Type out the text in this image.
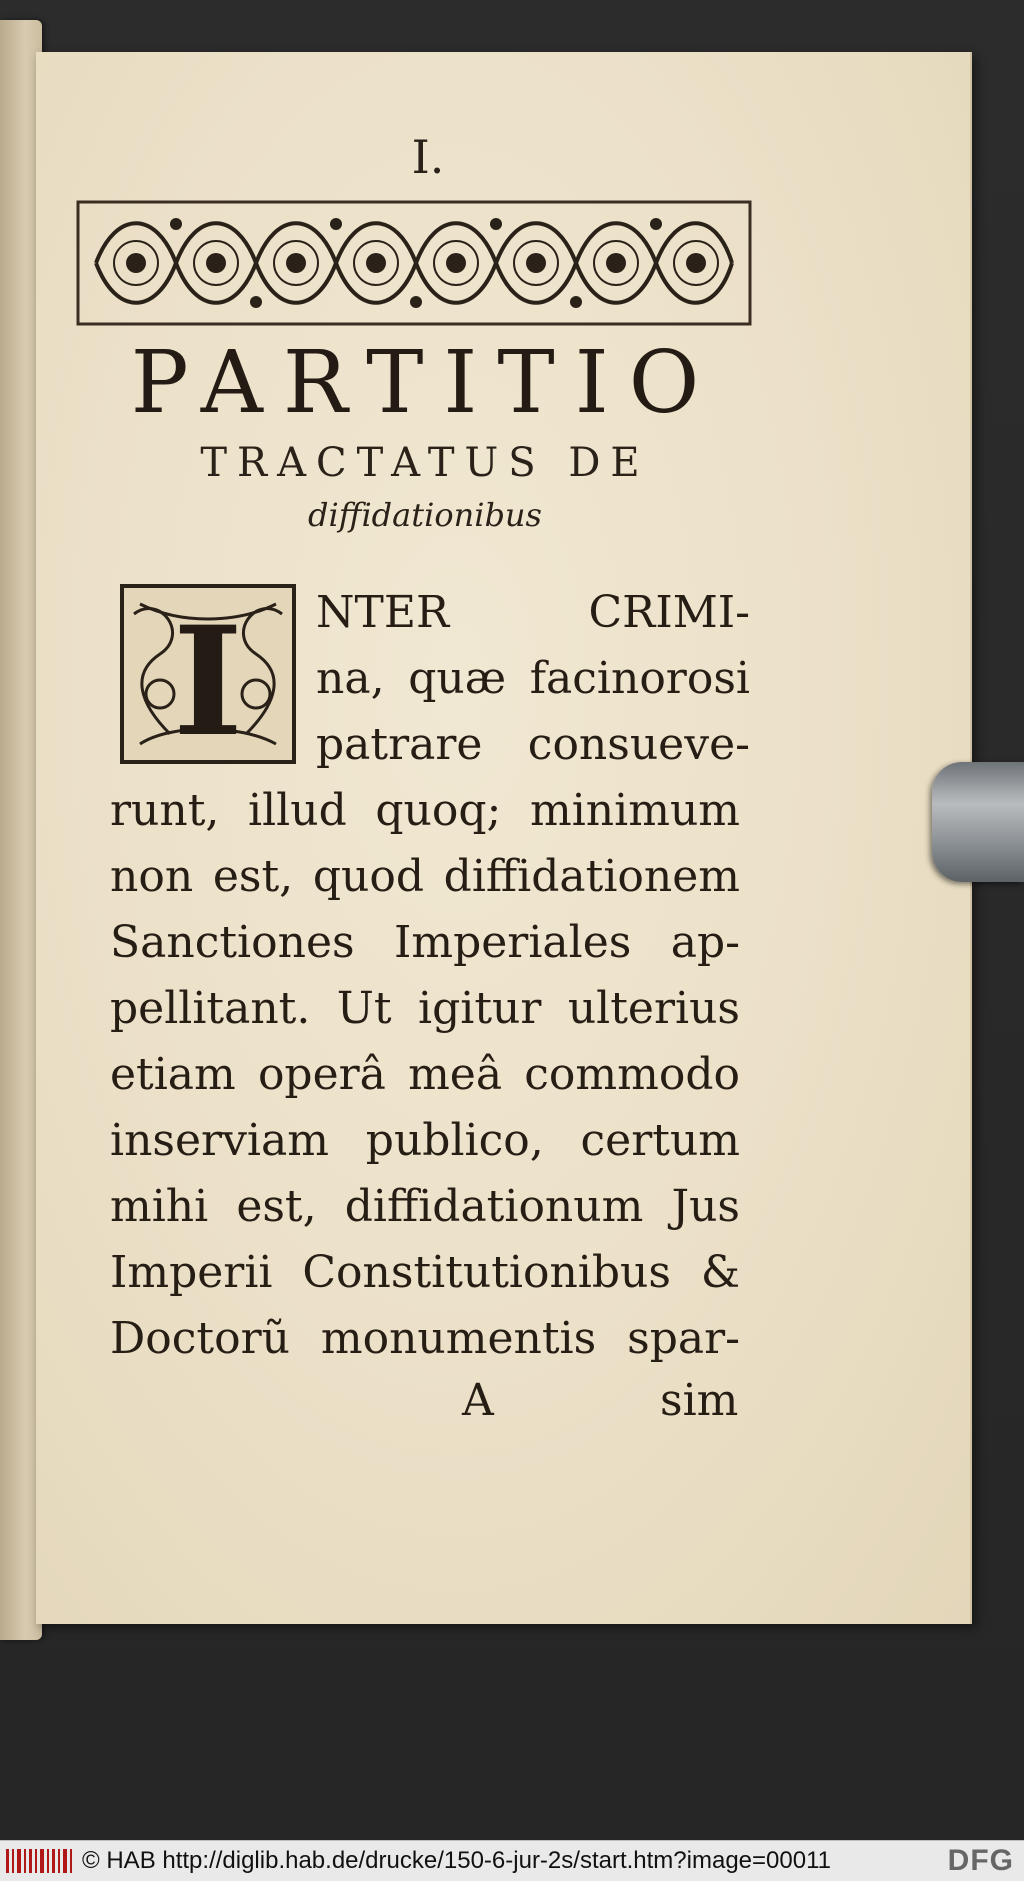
I.
PARTITIO
TRACTATUS DE
diffidationibus
I NTER CRIMI-
na, quæ facinorosi
patrare consueve-
runt, illud quoq; minimum
non est, quod diffidationem
Sanctiones Imperiales ap-
pellitant. Ut igitur ulterius
etiam operâ meâ commodo
inserviam publico, certum
mihi est, diffidationum Jus
Imperii Constitutionibus &
Doctorũ monumentis spar-
A	sim
© HAB http://diglib.hab.de/drucke/150-6-jur-2s/start.htm?image=00011	DFG
